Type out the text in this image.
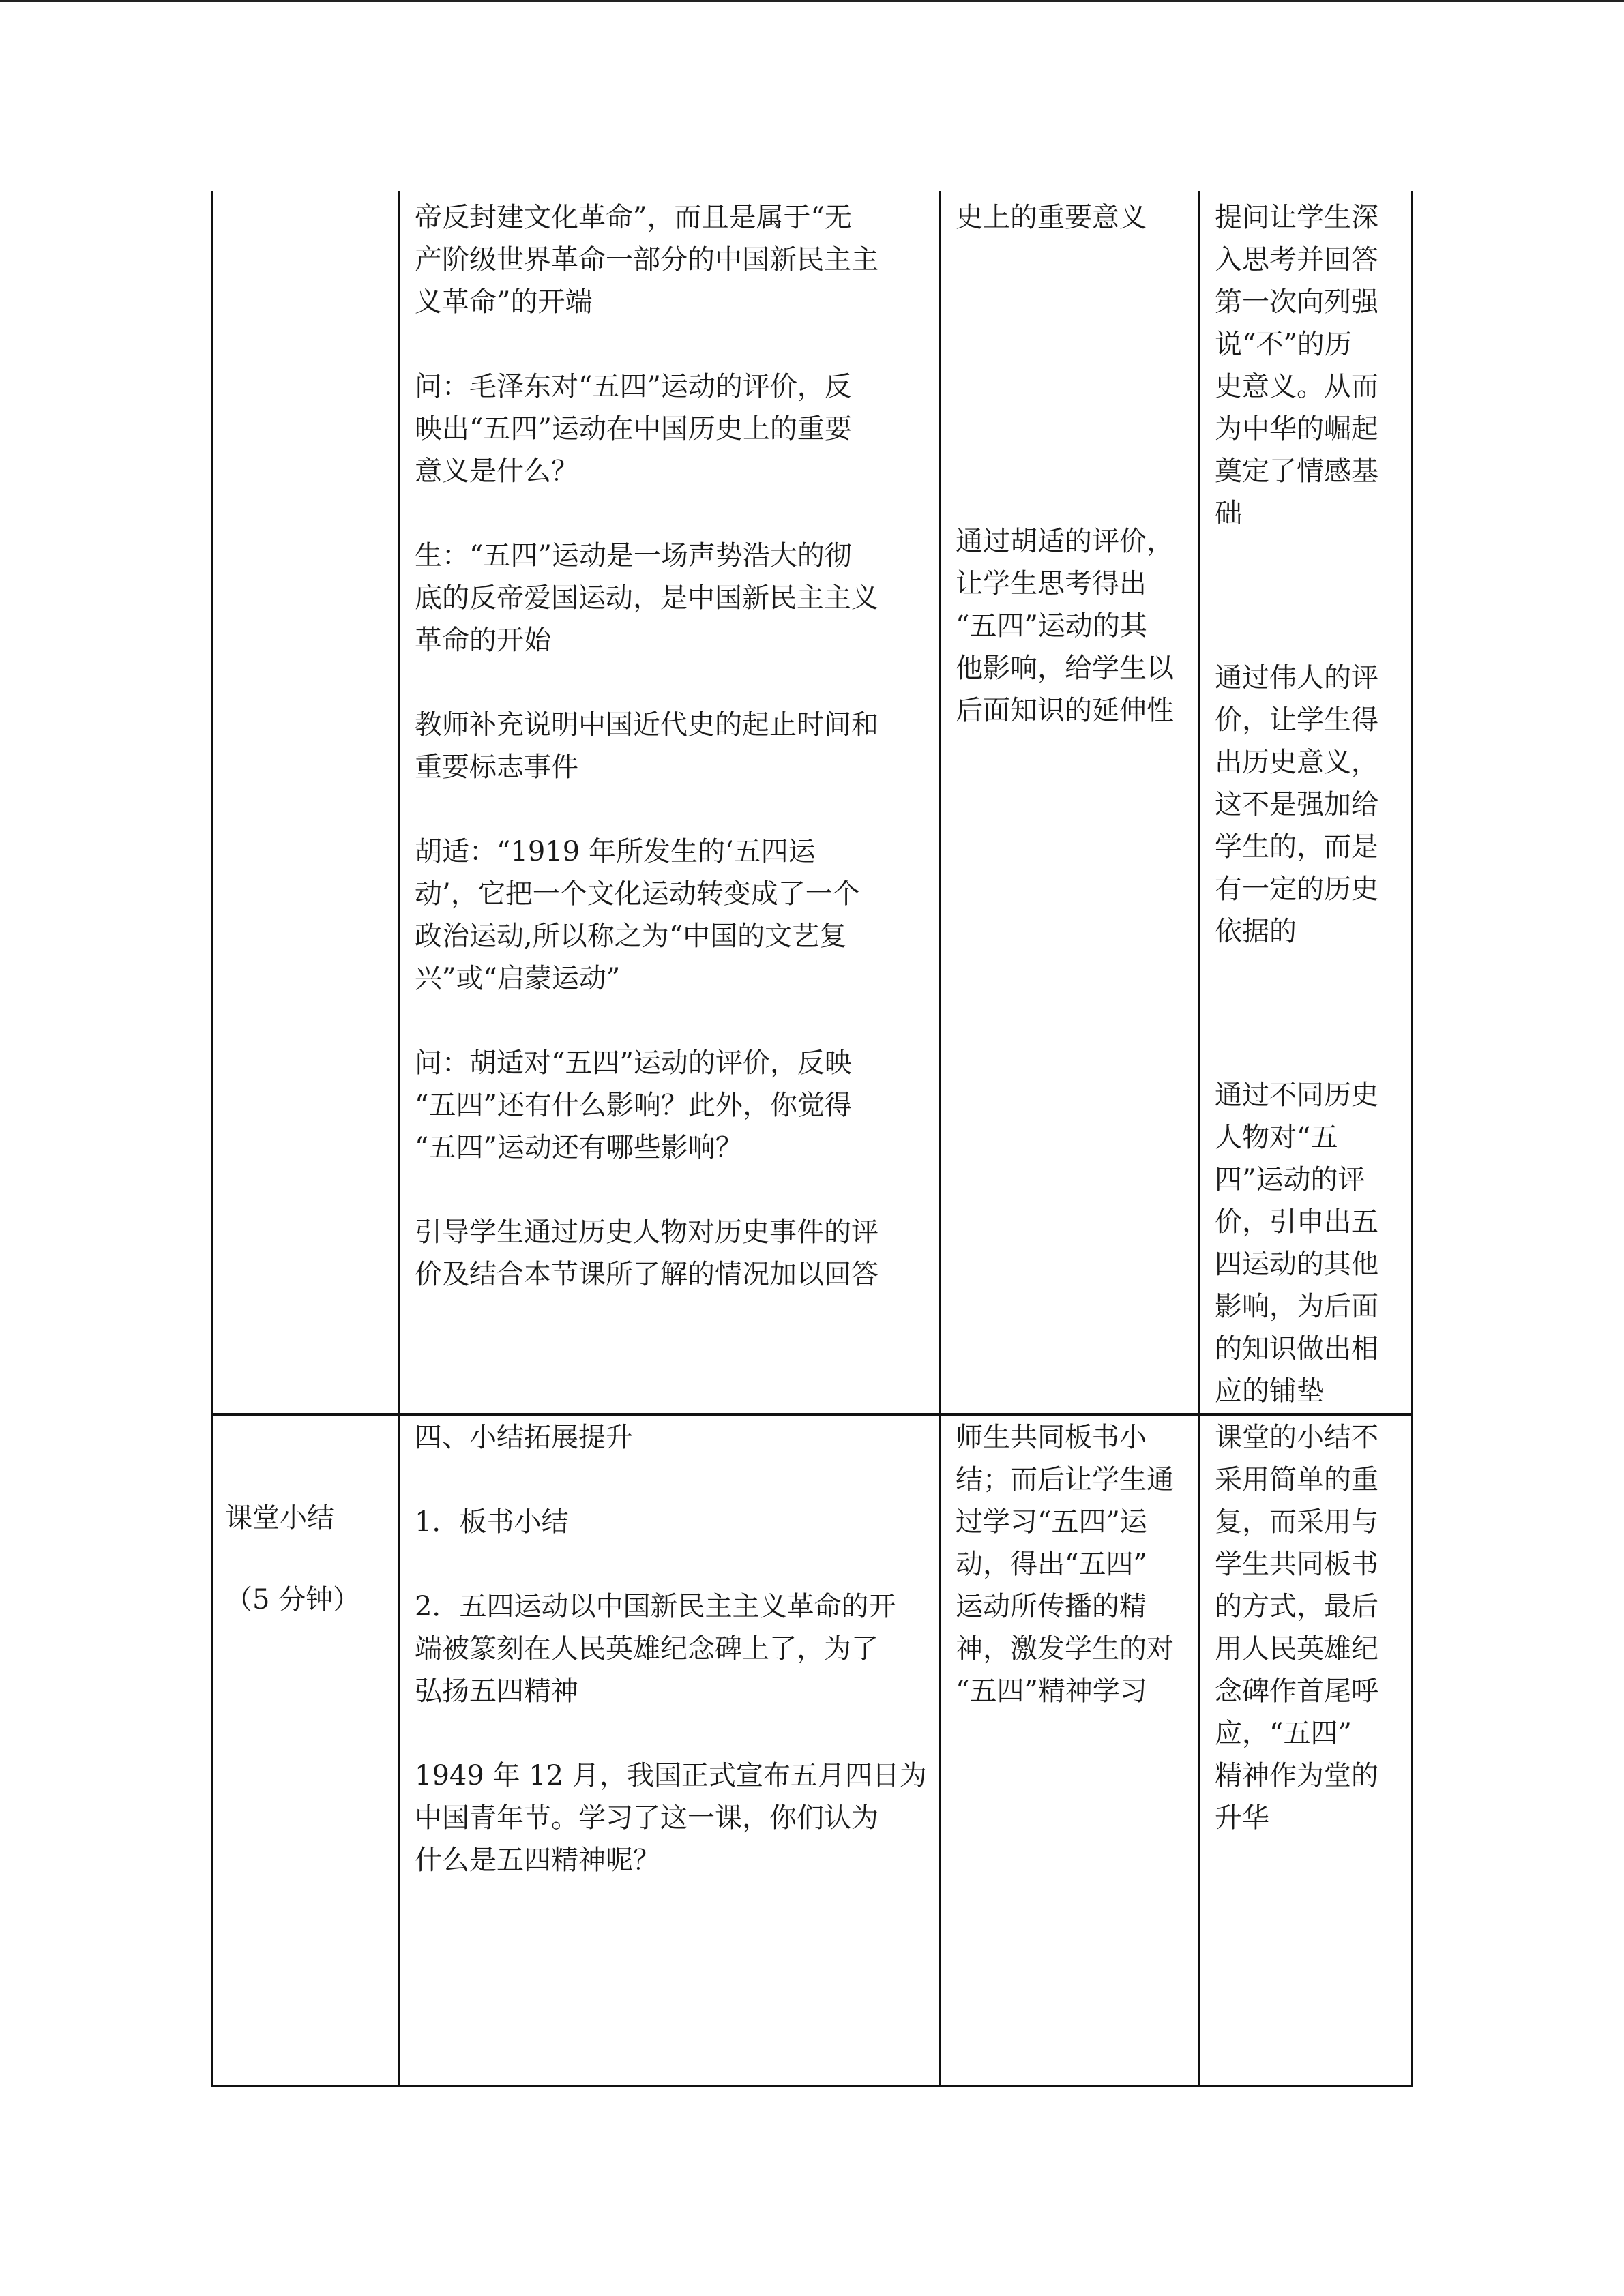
帝反封建文化革命”，而且是属于“无

产阶级世界革命一部分的中国新民主主

义革命”的开端

问：毛泽东对“五四”运动的评价，反

映出“五四”运动在中国历史上的重要

意义是什么？

生：“五四”运动是一场声势浩大的彻

底的反帝爱国运动，是中国新民主主义

革命的开始

教师补充说明中国近代史的起止时间和

重要标志事件

胡适：“1919 年所发生的‘五四运

动’，它把一个文化运动转变成了一个

政治运动,所以称之为“中国的文艺复

兴”或“启蒙运动”

问：胡适对“五四”运动的评价，反映

“五四”还有什么影响？此外，你觉得

“五四”运动还有哪些影响？

引导学生通过历史人物对历史事件的评

价及结合本节课所了解的情况加以回答

史上的重要意义

通过胡适的评价，

让学生思考得出

“五四”运动的其

他影响，给学生以

后面知识的延伸性

提问让学生深

入思考并回答

第一次向列强

说“不”的历

史意义。从而

为中华的崛起

奠定了情感基

础

通过伟人的评

价，让学生得

出历史意义，

这不是强加给

学生的，而是

有一定的历史

依据的

通过不同历史

人物对“五

四”运动的评

价，引申出五

四运动的其他

影响，为后面

的知识做出相

应的铺垫

课堂小结

（5 分钟）

四、小结拓展提升

1．板书小结

2．五四运动以中国新民主主义革命的开

端被篆刻在人民英雄纪念碑上了，为了

弘扬五四精神

1949 年 12 月，我国正式宣布五月四日为

中国青年节。学习了这一课，你们认为

什么是五四精神呢？

师生共同板书小

结；而后让学生通

过学习“五四”运

动，得出“五四”

运动所传播的精

神，激发学生的对

“五四”精神学习

课堂的小结不

采用简单的重

复，而采用与

学生共同板书

的方式，最后

用人民英雄纪

念碑作首尾呼

应，“五四”

精神作为堂的

升华
